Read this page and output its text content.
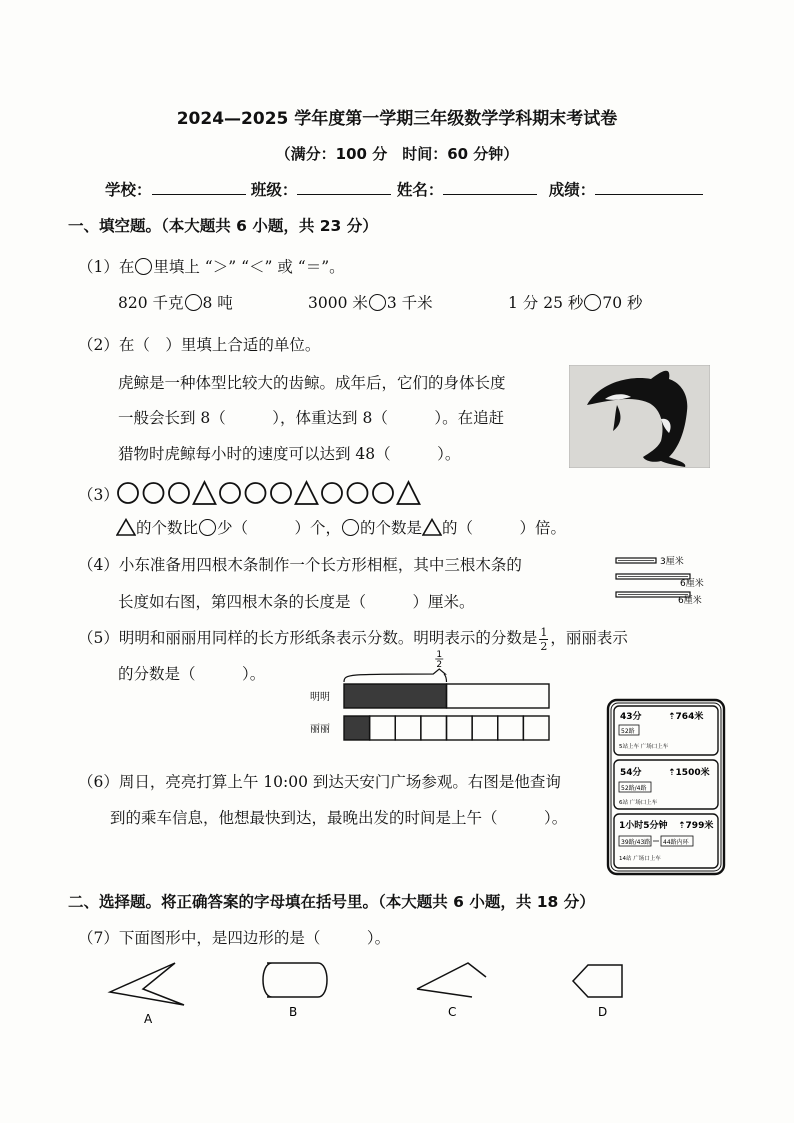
2024—2025 学年度第一学期三年级数学学科期末考试卷
（满分：100 分　时间：60 分钟）
学校：	班级：	姓名：	成绩：
一、填空题。（本大题共 6 小题，共 23 分）
（1）在 里填上 “＞” “＜” 或 “＝”。
820 千克 8 吨	3000 米 3 千米	1 分 25 秒 70 秒
（2）在（　）里填上合适的单位。
虎鲸是一种体型比较大的齿鲸。成年后，它们的身体长度
一般会长到 8（　　　），体重达到 8（　　　）。在追赶
猎物时虎鲸每小时的速度可以达到 48（　　　）。
（3）
的个数比 少（　　　）个， 的个数是 的（　　　）倍。
（4）小东准备用四根木条制作一个长方形相框，其中三根木条的
长度如右图，第四根木条的长度是（　　　）厘米。
3厘米
6厘米
6厘米
（5）明明和丽丽用同样的长方形纸条表示分数。明明表示的分数是 $\frac{1}{2}$ ，丽丽表示
的分数是（　　　）。
1
2
明明
丽丽
（6）周日，亮亮打算上午 10:00 到达天安门广场参观。右图是他查询
到的乘车信息，他想最快到达，最晚出发的时间是上午（　　　）。
43分	⇡764米
52路
5站上车 广场口上车
54分	⇡1500米
52路/4路
6站 广场口上车
1小时5分钟 ⇡799米
39路/43路 44路内环
14站 广场口上车
二、选择题。将正确答案的字母填在括号里。（本大题共 6 小题，共 18 分）
（7）下面图形中，是四边形的是（　　　）。
A	B	C	D
